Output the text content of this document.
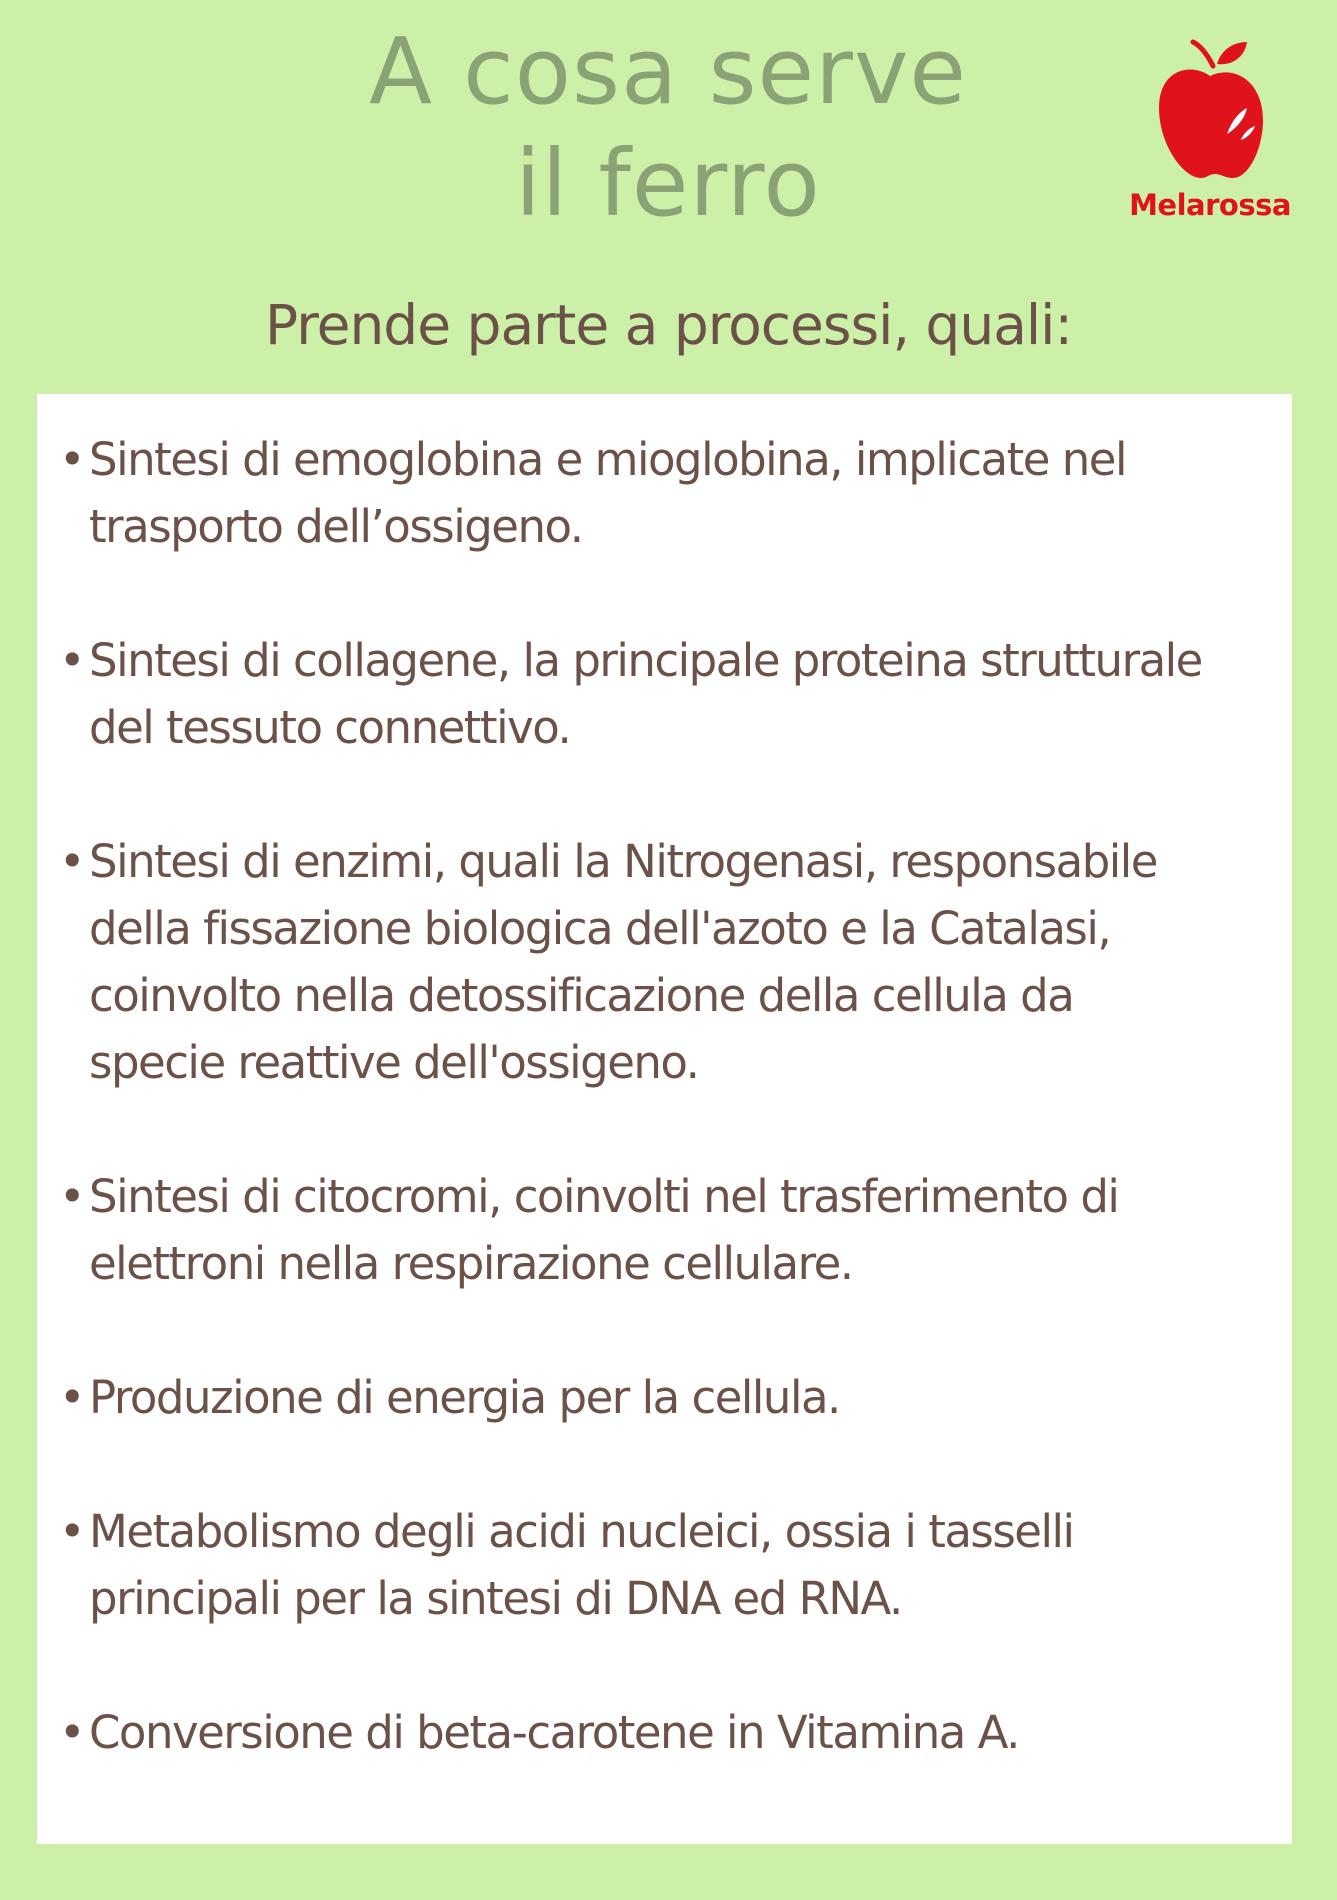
A cosa serve
il ferro	Melarossa
Prende parte a processi, quali:
• Sintesi di emoglobina e mioglobina, implicate nel
trasporto dell’ossigeno.
• Sintesi di collagene, la principale proteina strutturale
del tessuto connettivo.
• Sintesi di enzimi, quali la Nitrogenasi, responsabile
della fissazione biologica dell'azoto e la Catalasi,
coinvolto nella detossificazione della cellula da
specie reattive dell'ossigeno.
• Sintesi di citocromi, coinvolti nel trasferimento di
elettroni nella respirazione cellulare.
• Produzione di energia per la cellula.
• Metabolismo degli acidi nucleici, ossia i tasselli
principali per la sintesi di DNA ed RNA.
• Conversione di beta-carotene in Vitamina A.
